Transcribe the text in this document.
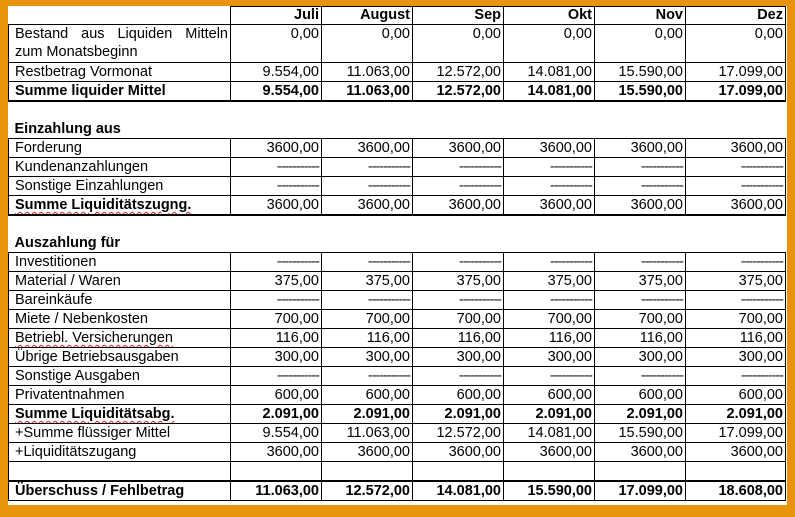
	Juli	August	Sep	Okt	Nov	Dez
Bestand aus Liquiden Mitteln zum Monatsbeginn	0,00	0,00	0,00	0,00	0,00	0,00
Restbetrag Vormonat	9.554,00	11.063,00	12.572,00	14.081,00	15.590,00	17.099,00
Summe liquider Mittel	9.554,00	11.063,00	12.572,00	14.081,00	15.590,00	17.099,00

Einzahlung aus						
Forderung	3600,00	3600,00	3600,00	3600,00	3600,00	3600,00
Kundenanzahlungen	-----------	-----------	-----------	-----------	-----------	-----------
Sonstige Einzahlungen	-----------	-----------	-----------	-----------	-----------	-----------
Summe Liquiditätszugng.	3600,00	3600,00	3600,00	3600,00	3600,00	3600,00

Auszahlung für						
Investitionen	-----------	-----------	-----------	-----------	-----------	-----------
Material / Waren	375,00	375,00	375,00	375,00	375,00	375,00
Bareinkäufe	-----------	-----------	-----------	-----------	-----------	-----------
Miete / Nebenkosten	700,00	700,00	700,00	700,00	700,00	700,00
Betriebl. Versicherungen	116,00	116,00	116,00	116,00	116,00	116,00
Übrige Betriebsausgaben	300,00	300,00	300,00	300,00	300,00	300,00
Sonstige Ausgaben	-----------	-----------	-----------	-----------	-----------	-----------
Privatentnahmen	600,00	600,00	600,00	600,00	600,00	600,00
Summe Liquiditätsabg.	2.091,00	2.091,00	2.091,00	2.091,00	2.091,00	2.091,00
+Summe flüssiger Mittel	9.554,00	11.063,00	12.572,00	14.081,00	15.590,00	17.099,00
+Liquiditätszugang	3600,00	3600,00	3600,00	3600,00	3600,00	3600,00

Überschuss / Fehlbetrag	11.063,00	12.572,00	14.081,00	15.590,00	17.099,00	18.608,00
